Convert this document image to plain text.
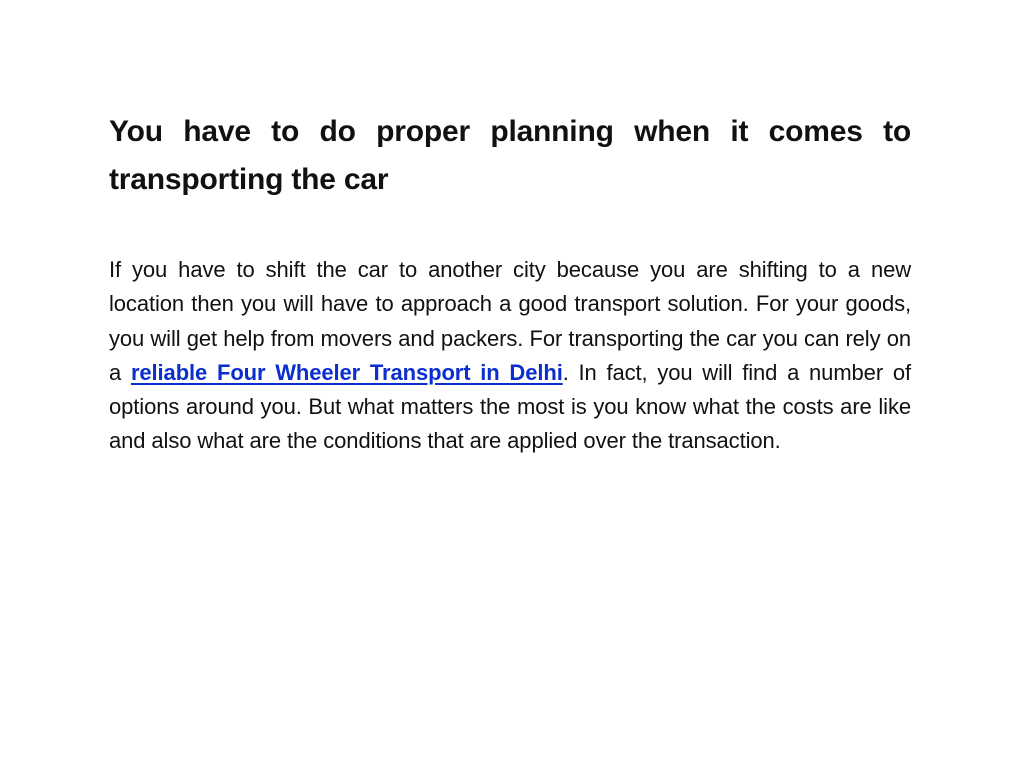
You have to do proper planning when it comes to transporting the car

If you have to shift the car to another city because you are shifting to a new location then you will have to approach a good transport solution. For your goods, you will get help from movers and packers. For transporting the car you can rely on a reliable Four Wheeler Transport in Delhi. In fact, you will find a number of options around you. But what matters the most is you know what the costs are like and also what are the conditions that are applied over the transaction.
